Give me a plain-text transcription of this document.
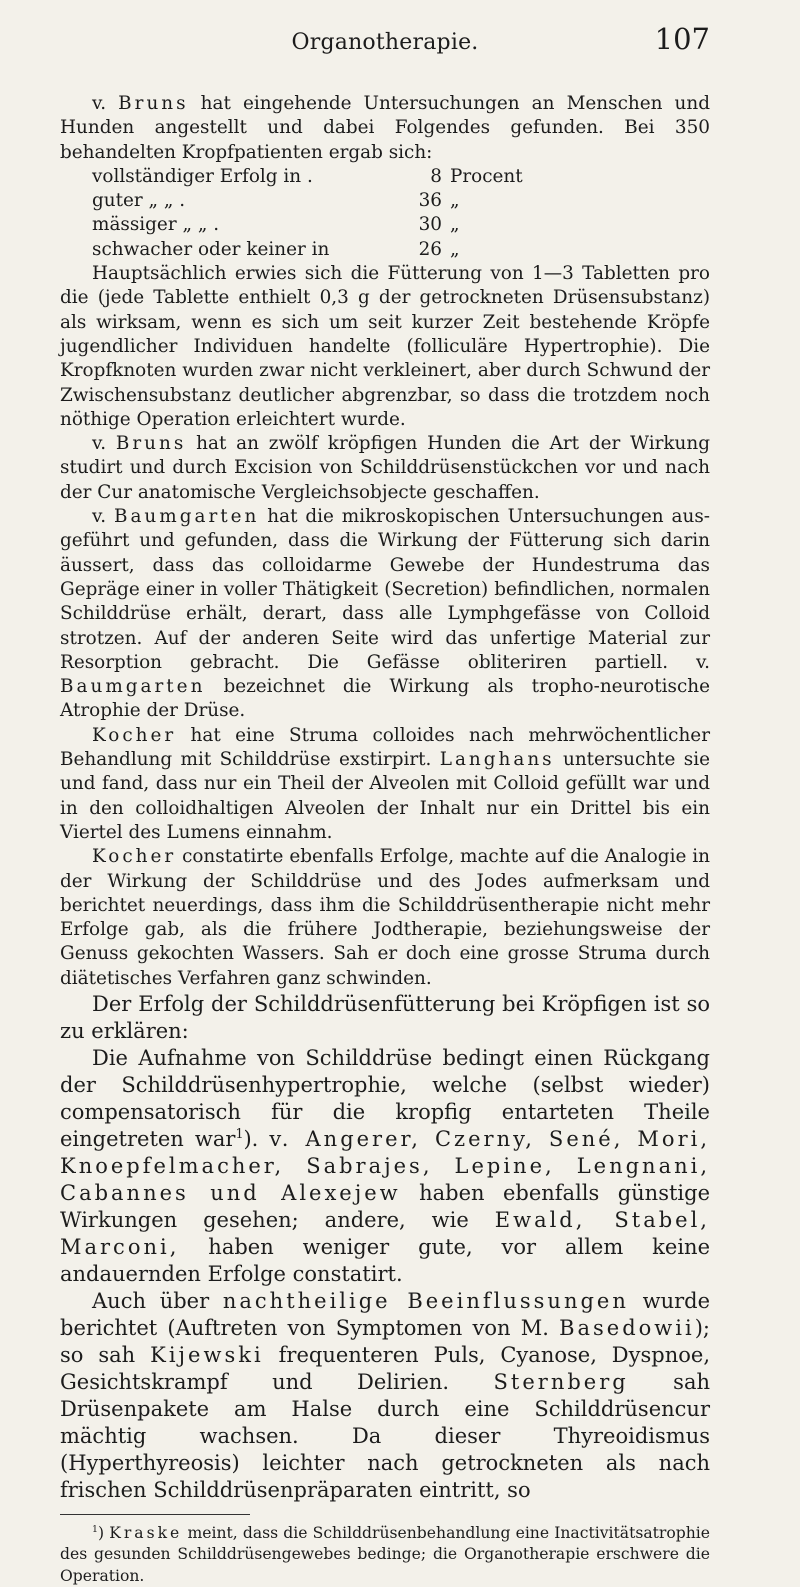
Organotherapie.	107

v. Bruns hat eingehende Untersuchungen an Menschen und Hunden angestellt und dabei Folgendes gefunden. Bei 350 behandelten Kropfpatienten ergab sich:

vollständiger Erfolg in .	8 Procent
guter „ „ .	36 „
mässiger „ „ .	30 „
schwacher oder keiner in	26 „

Hauptsächlich erwies sich die Fütterung von 1—3 Tabletten pro die (jede Tablette enthielt 0,3 g der getrockneten Drüsensubstanz) als wirksam, wenn es sich um seit kurzer Zeit bestehende Kröpfe jugendlicher Individuen handelte (folliculäre Hypertrophie). Die Kropfknoten wurden zwar nicht verkleinert, aber durch Schwund der Zwischensubstanz deutlicher abgrenzbar, so dass die trotzdem noch nöthige Operation erleichtert wurde.

v. Bruns hat an zwölf kröpfigen Hunden die Art der Wirkung studirt und durch Excision von Schilddrüsenstückchen vor und nach der Cur anatomische Vergleichsobjecte geschaffen.

v. Baumgarten hat die mikroskopischen Untersuchungen ausgeführt und gefunden, dass die Wirkung der Fütterung sich darin äussert, dass das colloidarme Gewebe der Hundestruma das Gepräge einer in voller Thätigkeit (Secretion) befindlichen, normalen Schilddrüse erhält, derart, dass alle Lymphgefässe von Colloid strotzen. Auf der anderen Seite wird das unfertige Material zur Resorption gebracht. Die Gefässe obliteriren partiell. v. Baumgarten bezeichnet die Wirkung als tropho-neurotische Atrophie der Drüse.

Kocher hat eine Struma colloides nach mehrwöchentlicher Behandlung mit Schilddrüse exstirpirt. Langhans untersuchte sie und fand, dass nur ein Theil der Alveolen mit Colloid gefüllt war und in den colloidhaltigen Alveolen der Inhalt nur ein Drittel bis ein Viertel des Lumens einnahm.

Kocher constatirte ebenfalls Erfolge, machte auf die Analogie in der Wirkung der Schilddrüse und des Jodes aufmerksam und berichtet neuerdings, dass ihm die Schilddrüsentherapie nicht mehr Erfolge gab, als die frühere Jodtherapie, beziehungsweise der Genuss gekochten Wassers. Sah er doch eine grosse Struma durch diätetisches Verfahren ganz schwinden.

Der Erfolg der Schilddrüsenfütterung bei Kröpfigen ist so zu erklären:

Die Aufnahme von Schilddrüse bedingt einen Rückgang der Schilddrüsenhypertrophie, welche (selbst wieder) compensatorisch für die kropfig entarteten Theile eingetreten war$^1$). v. Angerer, Czerny, Sené, Mori, Knoepfelmacher, Sabrajes, Lepine, Lengnani, Cabannes und Alexejew haben ebenfalls günstige Wirkungen gesehen; andere, wie Ewald, Stabel, Marconi, haben weniger gute, vor allem keine andauernden Erfolge constatirt.

Auch über nachtheilige Beeinflussungen wurde berichtet (Auftreten von Symptomen von M. Basedowii); so sah Kijewski frequenteren Puls, Cyanose, Dyspnoe, Gesichtskrampf und Delirien. Sternberg sah Drüsenpakete am Halse durch eine Schilddrüsencur mächtig wachsen. Da dieser Thyreoidismus (Hyperthyreosis) leichter nach getrockneten als nach frischen Schilddrüsenpräparaten eintritt, so

$^1$) Kraske meint, dass die Schilddrüsenbehandlung eine Inactivitätsatrophie des gesunden Schilddrüsengewebes bedinge; die Organotherapie erschwere die Operation.
